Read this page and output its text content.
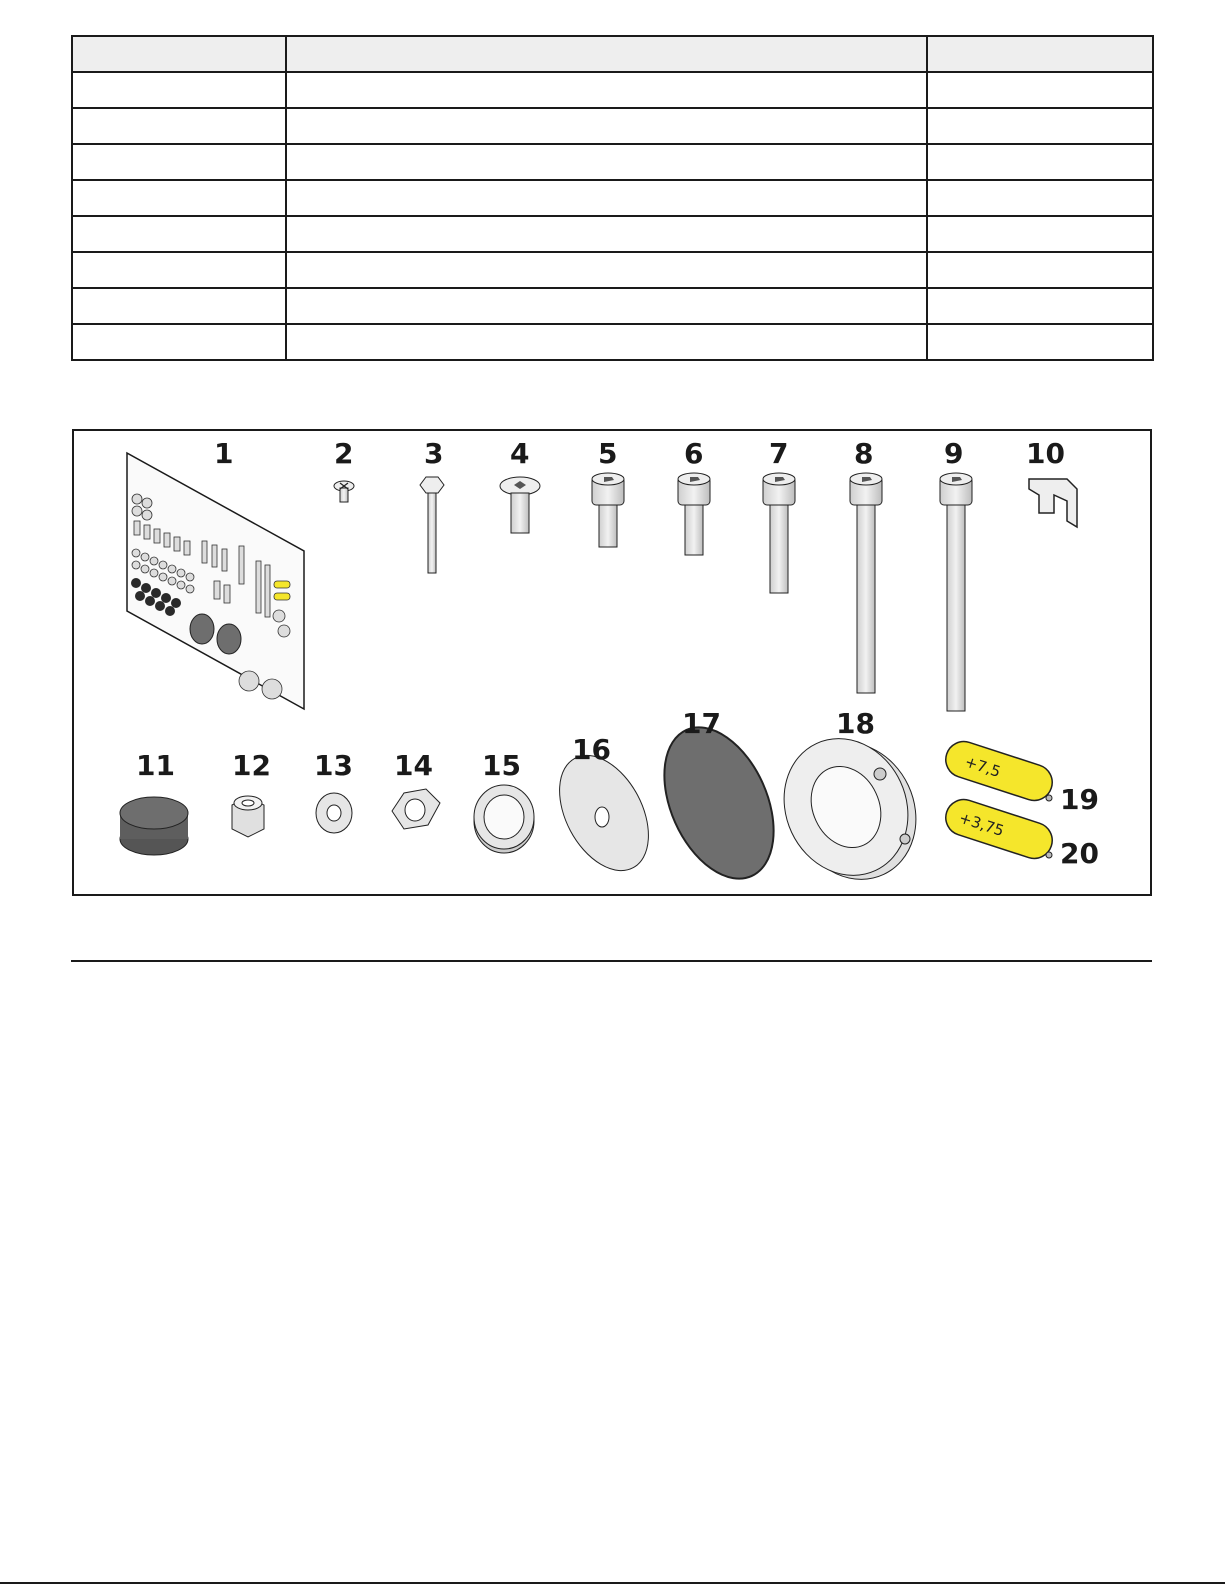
+7,5
+3,75
1	2	3 4 5 6 7 8	9 10
11 12 13 14 15 16
17	18
19
20
